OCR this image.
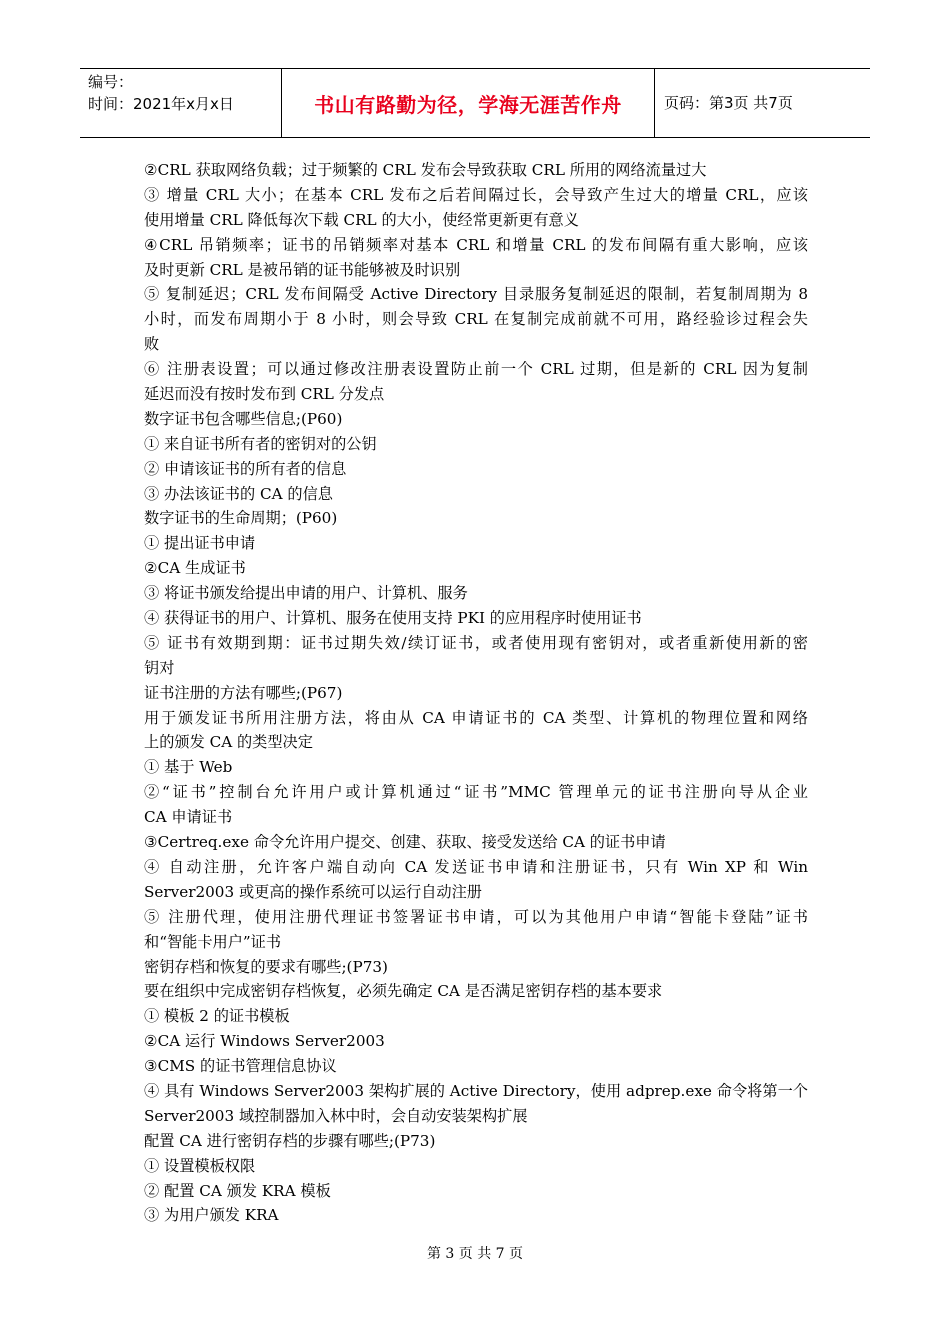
编号：
时间：2021年x月x日	书山有路勤为径，学海无涯苦作舟	页码：第3页 共7页
②CRL 获取网络负载；过于频繁的 CRL 发布会导致获取 CRL 所用的网络流量过大
③ 增量 CRL 大小；在基本 CRL 发布之后若间隔过长，会导致产生过大的增量 CRL，应该
使用增量 CRL 降低每次下载 CRL 的大小，使经常更新更有意义
④CRL 吊销频率；证书的吊销频率对基本 CRL 和增量 CRL 的发布间隔有重大影响，应该
及时更新 CRL 是被吊销的证书能够被及时识别
⑤ 复制延迟；CRL 发布间隔受 Active Directory 目录服务复制延迟的限制，若复制周期为 8
小时，而发布周期小于 8 小时，则会导致 CRL 在复制完成前就不可用，路经验诊过程会失
败
⑥ 注册表设置；可以通过修改注册表设置防止前一个 CRL 过期，但是新的 CRL 因为复制
延迟而没有按时发布到 CRL 分发点
数字证书包含哪些信息;(P60)
① 来自证书所有者的密钥对的公钥
② 申请该证书的所有者的信息
③ 办法该证书的 CA 的信息
数字证书的生命周期；(P60)
① 提出证书申请
②CA 生成证书
③ 将证书颁发给提出申请的用户、计算机、服务
④ 获得证书的用户、计算机、服务在使用支持 PKI 的应用程序时使用证书
⑤ 证书有效期到期：证书过期失效/续订证书，或者使用现有密钥对，或者重新使用新的密
钥对
证书注册的方法有哪些;(P67)
用于颁发证书所用注册方法，将由从 CA 申请证书的 CA 类型、计算机的物理位置和网络
上的颁发 CA 的类型决定
① 基于 Web
②“证书”控制台允许用户或计算机通过“证书”MMC 管理单元的证书注册向导从企业
CA 申请证书
③Certreq.exe 命令允许用户提交、创建、获取、接受发送给 CA 的证书申请
④ 自动注册，允许客户端自动向 CA 发送证书申请和注册证书，只有 Win XP 和 Win
Server2003 或更高的操作系统可以运行自动注册
⑤ 注册代理，使用注册代理证书签署证书申请，可以为其他用户申请“智能卡登陆”证书
和“智能卡用户”证书
密钥存档和恢复的要求有哪些;(P73)
要在组织中完成密钥存档恢复，必须先确定 CA 是否满足密钥存档的基本要求
① 模板 2 的证书模板
②CA 运行 Windows Server2003
③CMS 的证书管理信息协议
④ 具有 Windows Server2003 架构扩展的 Active Directory，使用 adprep.exe 命令将第一个
Server2003 域控制器加入林中时，会自动安装架构扩展
配置 CA 进行密钥存档的步骤有哪些;(P73)
① 设置模板权限
② 配置 CA 颁发 KRA 模板
③ 为用户颁发 KRA
第 3 页 共 7 页
